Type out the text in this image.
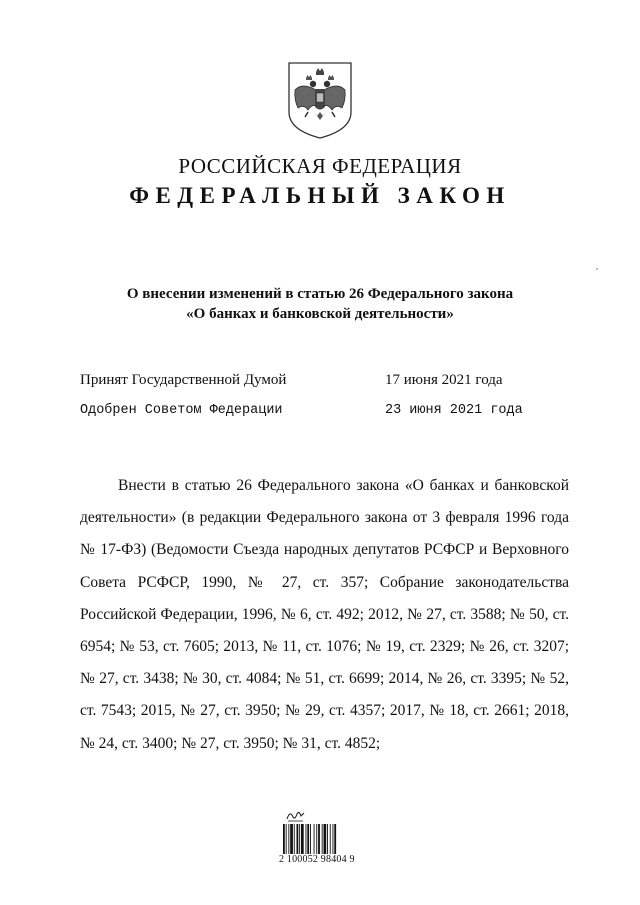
РОССИЙСКАЯ ФЕДЕРАЦИЯ
ФЕДЕРАЛЬНЫЙ ЗАКОН
О внесении изменений в статью 26 Федерального закона
«О банках и банковской деятельности»
Принят Государственной Думой	17 июня 2021 года
Одобрен Советом Федерации	23 июня 2021 года

Внести в статью 26 Федерального закона «О банках и банковской деятельности» (в редакции Федерального закона от 3 февраля 1996 года № 17-ФЗ) (Ведомости Съезда народных депутатов РСФСР и Верховного Совета РСФСР, 1990, № 27, ст. 357; Собрание законодательства Российской Федерации, 1996, № 6, ст. 492; 2012, № 27, ст. 3588; № 50, ст. 6954; № 53, ст. 7605; 2013, № 11, ст. 1076; № 19, ст. 2329; № 26, ст. 3207; № 27, ст. 3438; № 30, ст. 4084; № 51, ст. 6699; 2014, № 26, ст. 3395; № 52, ст. 7543; 2015, № 27, ст. 3950; № 29, ст. 4357; 2017, № 18, ст. 2661; 2018, № 24, ст. 3400; № 27, ст. 3950; № 31, ст. 4852;

2 100052 98404 9
